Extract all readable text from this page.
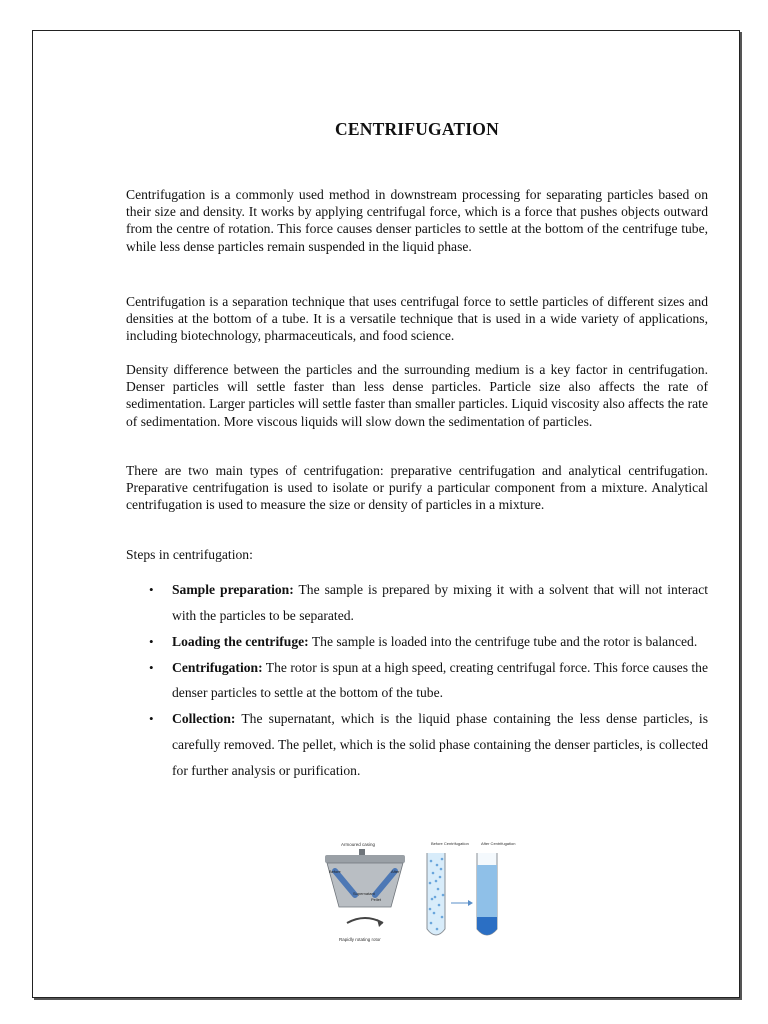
CENTRIFUGATION

Centrifugation is a commonly used method in downstream processing for separating particles based on their size and density. It works by applying centrifugal force, which is a force that pushes objects outward from the centre of rotation. This force causes denser particles to settle at the bottom of the centrifuge tube, while less dense particles remain suspended in the liquid phase.

Centrifugation is a separation technique that uses centrifugal force to settle particles of different sizes and densities at the bottom of a tube. It is a versatile technique that is used in a wide variety of applications, including biotechnology, pharmaceuticals, and food science.

Density difference between the particles and the surrounding medium is a key factor in centrifugation. Denser particles will settle faster than less dense particles. Particle size also affects the rate of sedimentation. Larger particles will settle faster than smaller particles. Liquid viscosity also affects the rate of sedimentation. More viscous liquids will slow down the sedimentation of particles.

There are two main types of centrifugation: preparative centrifugation and analytical centrifugation. Preparative centrifugation is used to isolate or purify a particular component from a mixture. Analytical centrifugation is used to measure the size or density of particles in a mixture.

Steps in centrifugation:
• Sample preparation: The sample is prepared by mixing it with a solvent that will not interact with the particles to be separated.
• Loading the centrifuge: The sample is loaded into the centrifuge tube and the rotor is balanced.
• Centrifugation: The rotor is spun at a high speed, creating centrifugal force. This force causes the denser particles to settle at the bottom of the tube.
• Collection: The supernatant, which is the liquid phase containing the less dense particles, is carefully removed. The pellet, which is the solid phase containing the denser particles, is collected for further analysis or purification.
Armoured casing
Before	After
Supernatant
Pellet
Rapidly rotating rotor
Before Centrifugation	After Centrifugation
